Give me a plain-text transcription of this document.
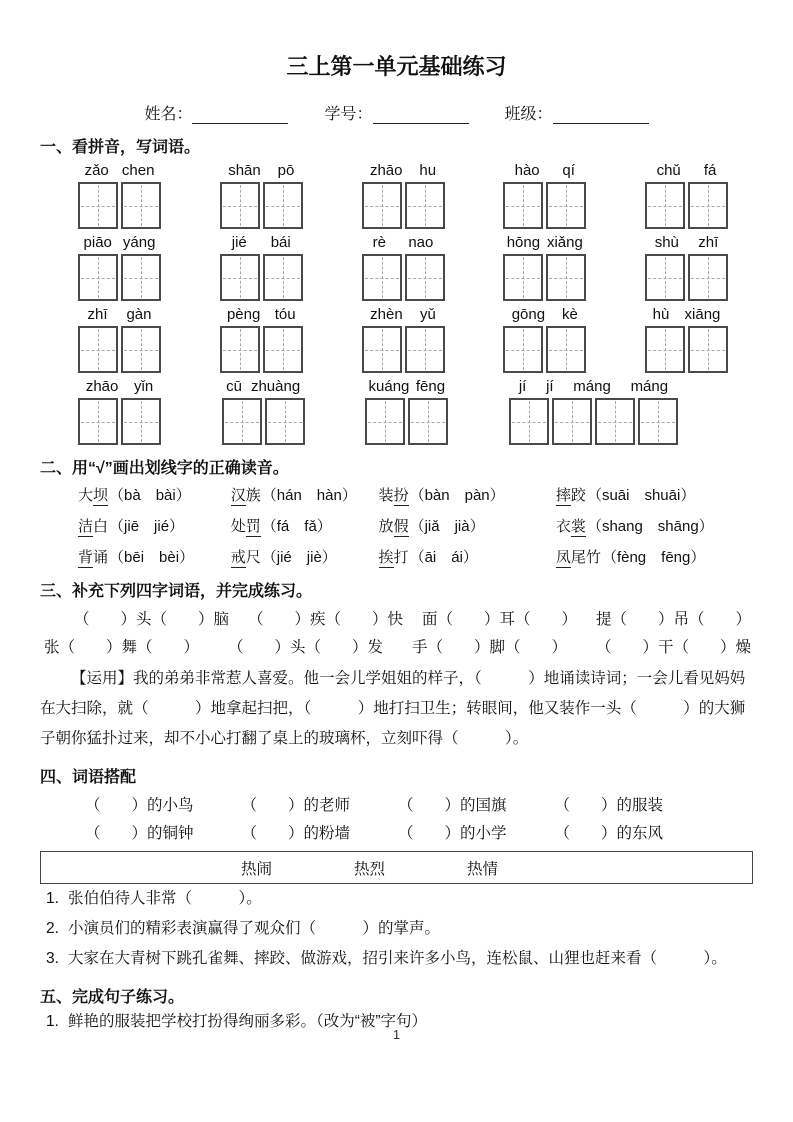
三上第一单元基础练习
姓名：	学号：	班级：
一、看拼音，写词语。
zǎo chen	shān pō	zhāo hu	hào qí	chǔ fá
piāo yáng	jié bái	rè nao	hōng xiǎng	shù zhī
zhī gàn	pèng tóu	zhèn yǔ	gōng kè	hù xiāng
zhāo yǐn	cū zhuàng	kuáng fēng	jí jí máng máng
二、用“√”画出划线字的正确读音。
大坝（bà　bài）	汉族（hán　hàn）	装扮（bàn　pàn）	摔跤（suāi　shuāi）
洁白（jiē　jié）	处罚（fá　fǎ）	放假（jiǎ　jià）	衣裳（shang　shāng）
背诵（bēi　bèi）	戒尺（jié　jiè）	挨打（āi　ái）	凤尾竹（fèng　fēng）
三、补充下列四字词语，并完成练习。
（　　）头（　　）脑 （　　）疾（　　）快 面（　　）耳（　　） 提（　　）吊（　　）
张（　　）舞（　　） （　　）头（　　）发 手（　　）脚（　　） （　　）干（　　）燥
【运用】我的弟弟非常惹人喜爱。他一会儿学姐姐的样子，（　　　）地诵读诗词；一会儿看见妈妈在大扫除，就（　　　）地拿起扫把，（　　　）地打扫卫生；转眼间，他又装作一头（　　　）的大狮子朝你猛扑过来，却不小心打翻了桌上的玻璃杯，立刻吓得（　　　）。
四、词语搭配
（　　）的小鸟	（　　）的老师	（　　）的国旗	（　　）的服装
（　　）的铜钟	（　　）的粉墙	（　　）的小学	（　　）的东风
热闹	热烈	热情
1. 张伯伯待人非常（　　　）。
2. 小演员们的精彩表演赢得了观众们（　　　）的掌声。
3. 大家在大青树下跳孔雀舞、摔跤、做游戏，招引来许多小鸟，连松鼠、山狸也赶来看（　　　）。
五、完成句子练习。
1. 鲜艳的服装把学校打扮得绚丽多彩。（改为“被”字句）
1
